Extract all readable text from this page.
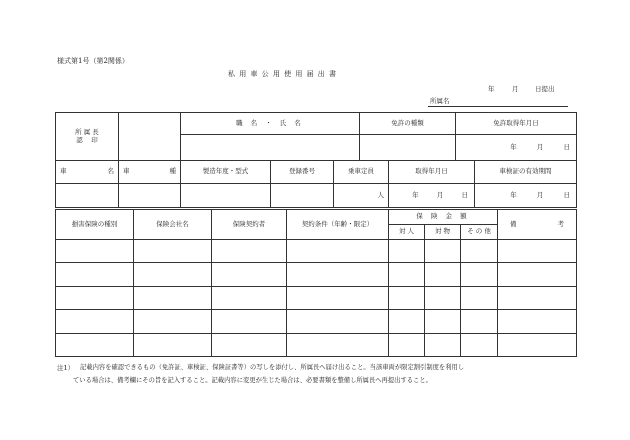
様式第1号（第2関係）
私 用 車 公 用 使 用 届 出 書
年	月	日提出
所属名
所 属 長
認　 印		職 名 ・ 氏 名	免許の種類	免許取得年月日
				年 月 日
車 名	車 種	製造年度・型式	登録番号	乗車定員	取得年月日	車検証の有効期間
				人	年 月 日	年 月 日
損害保険の種別	保険会社名	保険契約者	契約条件（年齢・限定）	保 険 金 額			備 考

				対 人	対 物	そ の 他	

注1） 記載内容を確認できるもの（免許証、車検証、保険証書等）の写しを添付し、所属長へ届け出ること。当該車両が限定割引制度を利用し
ている場合は、備考欄にその旨を記入すること。記載内容に変更が生じた場合は、必要書類を整備し所属長へ再提出すること。
